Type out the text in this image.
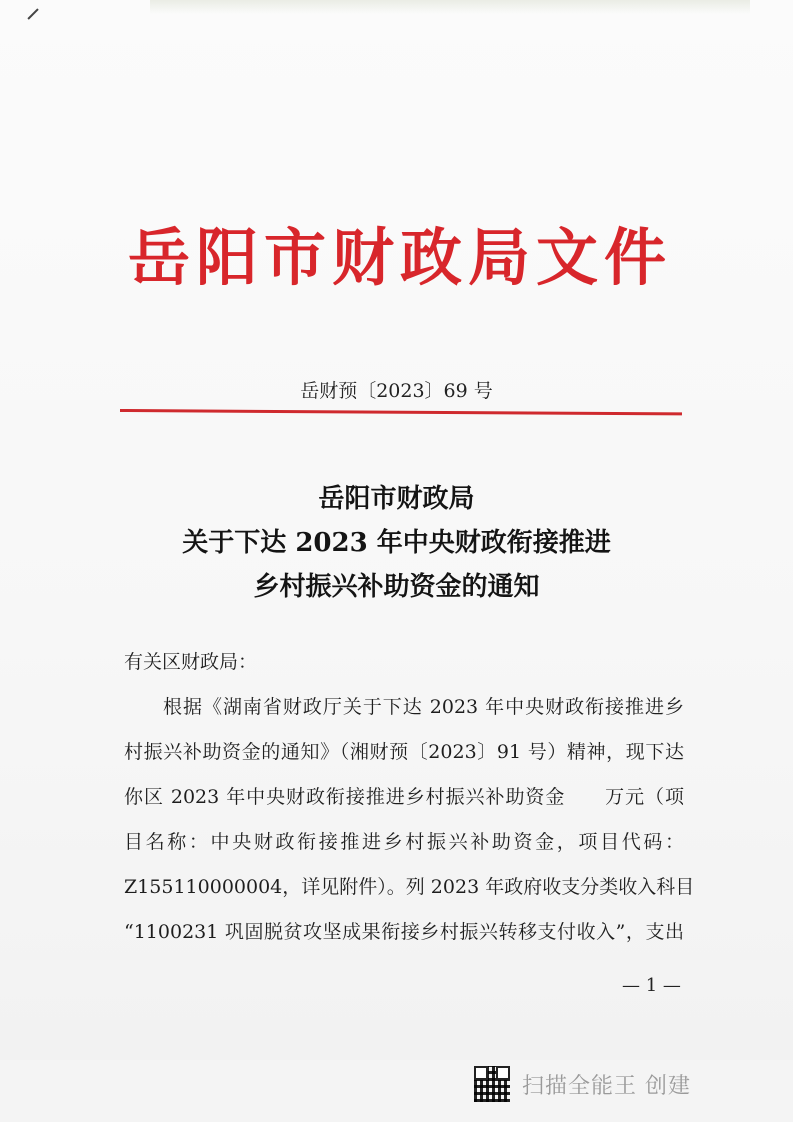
岳阳市财政局文件
岳财预〔2023〕69 号
岳阳市财政局
关于下达 2023 年中央财政衔接推进
乡村振兴补助资金的通知
有关区财政局：
根据《湖南省财政厅关于下达 2023 年中央财政衔接推进乡
村振兴补助资金的通知》（湘财预〔2023〕91 号）精神，现下达
你区 2023 年中央财政衔接推进乡村振兴补助资金　　万元（项
目名称：中央财政衔接推进乡村振兴补助资金，项目代码：
Z155110000004，详见附件）。列 2023 年政府收支分类收入科目
“1100231 巩固脱贫攻坚成果衔接乡村振兴转移支付收入”，支出
— 1 —
扫描全能王 创建
